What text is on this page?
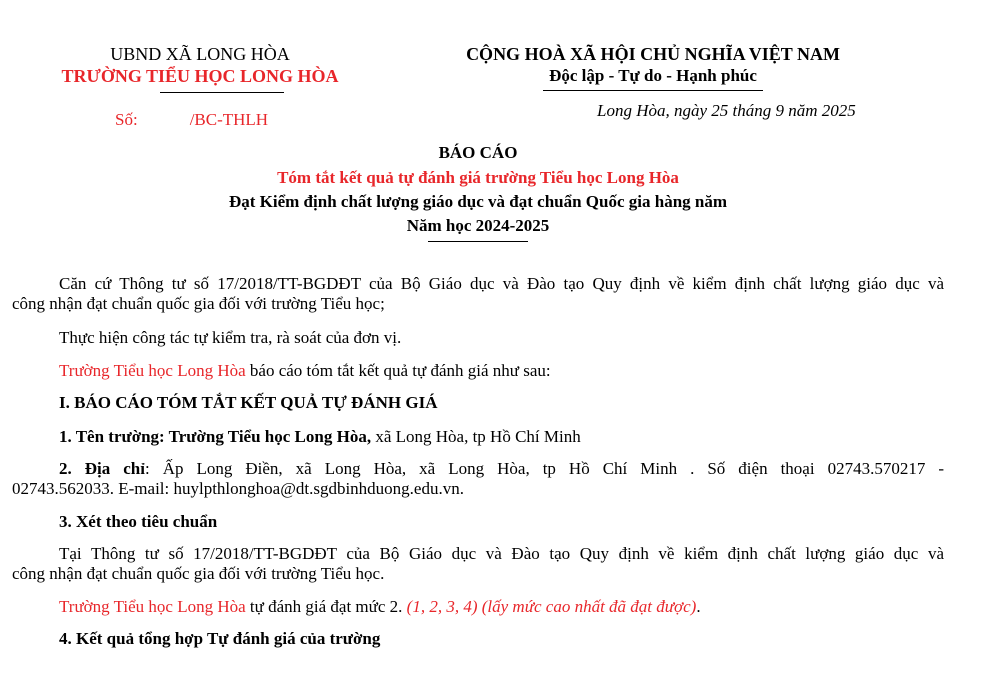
UBND XÃ LONG HÒA
TRƯỜNG TIỂU HỌC LONG HÒA
Số:	/BC-THLH
CỘNG HOÀ XÃ HỘI CHỦ NGHĨA VIỆT NAM
Độc lập - Tự do - Hạnh phúc
Long Hòa, ngày 25 tháng 9 năm 2025
BÁO CÁO
Tóm tắt kết quả tự đánh giá trường Tiểu học Long Hòa
Đạt Kiểm định chất lượng giáo dục và đạt chuẩn Quốc gia hàng năm
Năm học 2024-2025
Căn cứ Thông tư số 17/2018/TT-BGDĐT của Bộ Giáo dục và Đào tạo Quy định về kiểm định chất lượng giáo dục và
công nhận đạt chuẩn quốc gia đối với trường Tiểu học;
Thực hiện công tác tự kiểm tra, rà soát của đơn vị.
Trường Tiểu học Long Hòa báo cáo tóm tắt kết quả tự đánh giá như sau:
I. BÁO CÁO TÓM TẮT KẾT QUẢ TỰ ĐÁNH GIÁ
1. Tên trường: Trường Tiểu học Long Hòa, xã Long Hòa, tp Hồ Chí Minh
2. Địa chỉ: Ấp Long Điền, xã Long Hòa, xã Long Hòa, tp Hồ Chí Minh . Số điện thoại 02743.570217 -
02743.562033. E-mail: huylpthlonghoa@dt.sgdbinhduong.edu.vn.
3. Xét theo tiêu chuẩn
Tại Thông tư số 17/2018/TT-BGDĐT của Bộ Giáo dục và Đào tạo Quy định về kiểm định chất lượng giáo dục và
công nhận đạt chuẩn quốc gia đối với trường Tiểu học.
Trường Tiểu học Long Hòa tự đánh giá đạt mức 2. (1, 2, 3, 4) (lấy mức cao nhất đã đạt được).
4. Kết quả tổng hợp Tự đánh giá của trường
